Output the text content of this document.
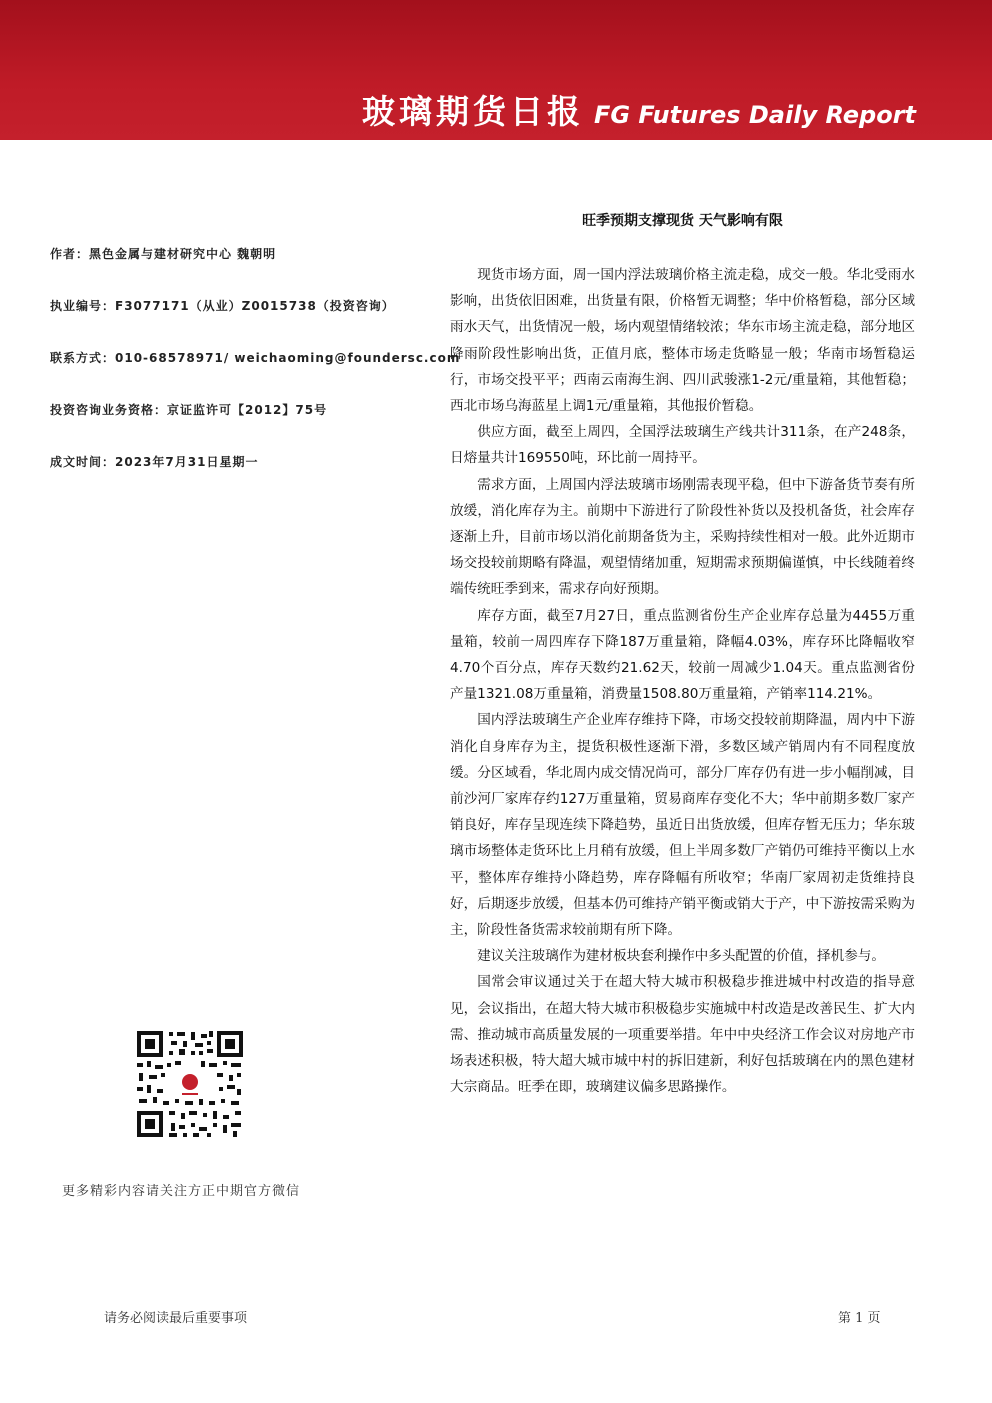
玻璃期货日报 FG Futures Daily Report
旺季预期支撑现货 天气影响有限
作者：黑色金属与建材研究中心 魏朝明
执业编号：F3077171（从业）Z0015738（投资咨询）
联系方式：010-68578971/ weichaoming@foundersc.com
投资咨询业务资格：京证监许可【2012】75号
成文时间：2023年7月31日星期一

现货市场方面，周一国内浮法玻璃价格主流走稳，成交一般。华北受雨水影响，出货依旧困难，出货量有限，价格暂无调整；华中价格暂稳，部分区域雨水天气，出货情况一般，场内观望情绪较浓；华东市场主流走稳，部分地区降雨阶段性影响出货，正值月底，整体市场走货略显一般；华南市场暂稳运行，市场交投平平；西南云南海生润、四川武骏涨1-2元/重量箱，其他暂稳；西北市场乌海蓝星上调1元/重量箱，其他报价暂稳。

供应方面，截至上周四，全国浮法玻璃生产线共计311条，在产248条，日熔量共计169550吨，环比前一周持平。

需求方面，上周国内浮法玻璃市场刚需表现平稳，但中下游备货节奏有所放缓，消化库存为主。前期中下游进行了阶段性补货以及投机备货，社会库存逐渐上升，目前市场以消化前期备货为主，采购持续性相对一般。此外近期市场交投较前期略有降温，观望情绪加重，短期需求预期偏谨慎，中长线随着终端传统旺季到来，需求存向好预期。

库存方面，截至7月27日，重点监测省份生产企业库存总量为4455万重量箱，较前一周四库存下降187万重量箱，降幅4.03%，库存环比降幅收窄4.70个百分点，库存天数约21.62天，较前一周减少1.04天。重点监测省份产量1321.08万重量箱，消费量1508.80万重量箱，产销率114.21%。

国内浮法玻璃生产企业库存维持下降，市场交投较前期降温，周内中下游消化自身库存为主，提货积极性逐渐下滑，多数区域产销周内有不同程度放缓。分区域看，华北周内成交情况尚可，部分厂库存仍有进一步小幅削减，目前沙河厂家库存约127万重量箱，贸易商库存变化不大；华中前期多数厂家产销良好，库存呈现连续下降趋势，虽近日出货放缓，但库存暂无压力；华东玻璃市场整体走货环比上月稍有放缓，但上半周多数厂产销仍可维持平衡以上水平，整体库存维持小降趋势，库存降幅有所收窄；华南厂家周初走货维持良好，后期逐步放缓，但基本仍可维持产销平衡或销大于产，中下游按需采购为主，阶段性备货需求较前期有所下降。

建议关注玻璃作为建材板块套利操作中多头配置的价值，择机参与。

国常会审议通过关于在超大特大城市积极稳步推进城中村改造的指导意见，会议指出，在超大特大城市积极稳步实施城中村改造是改善民生、扩大内需、推动城市高质量发展的一项重要举措。年中中央经济工作会议对房地产市场表述积极，特大超大城市城中村的拆旧建新，利好包括玻璃在内的黑色建材大宗商品。旺季在即，玻璃建议偏多思路操作。

更多精彩内容请关注方正中期官方微信
请务必阅读最后重要事项	第 1 页
